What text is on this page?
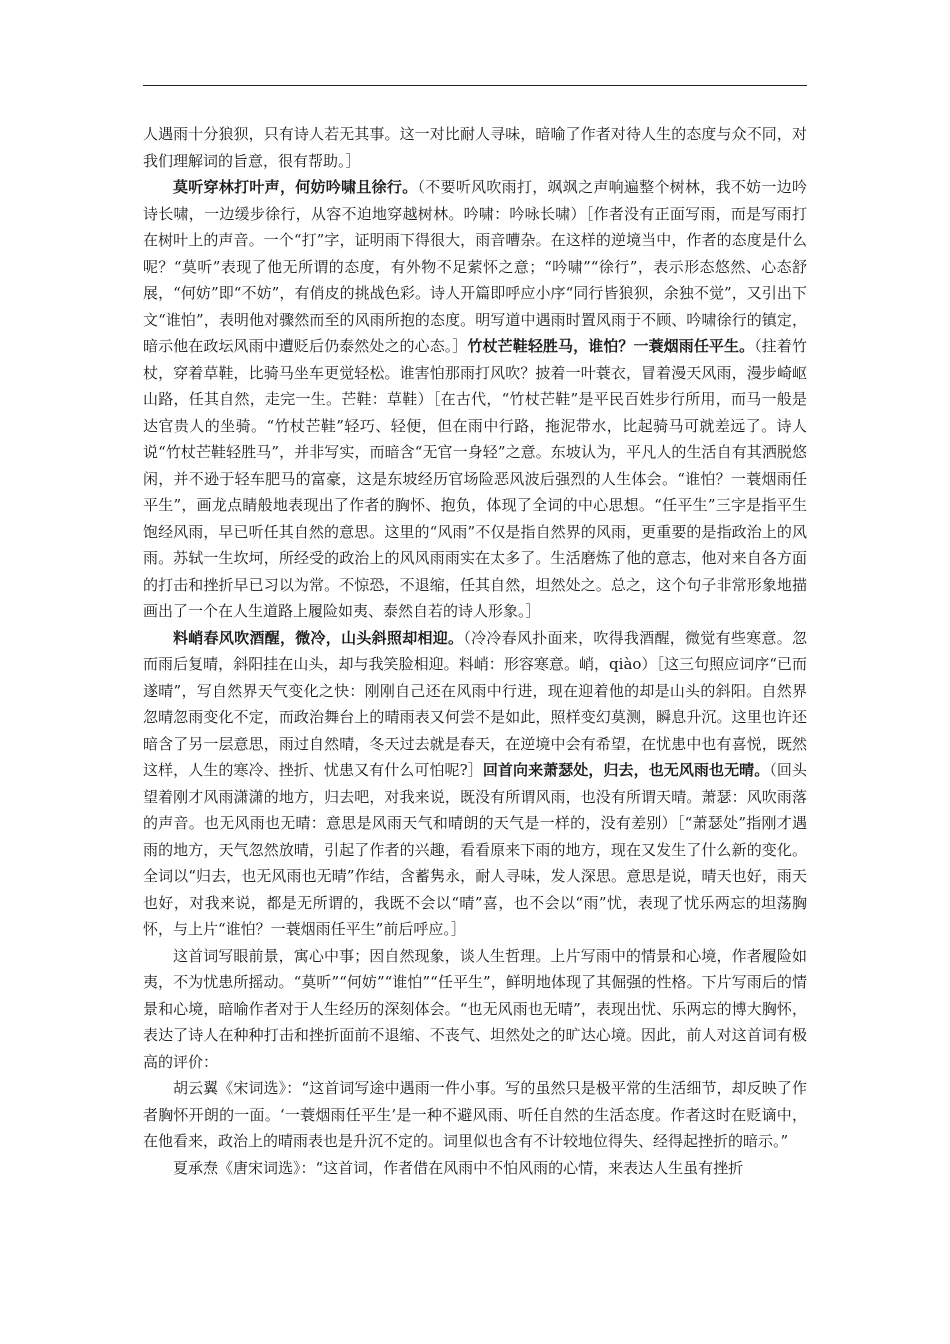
人遇雨十分狼狈，只有诗人若无其事。这一对比耐人寻味，暗喻了作者对待人生的态度与众不同，对我们理解词的旨意，很有帮助。］

莫听穿林打叶声，何妨吟啸且徐行。（不要听风吹雨打，飒飒之声响遍整个树林，我不妨一边吟诗长啸，一边缓步徐行，从容不迫地穿越树林。吟啸：吟咏长啸）［作者没有正面写雨，而是写雨打在树叶上的声音。一个“打”字，证明雨下得很大，雨音嘈杂。在这样的逆境当中，作者的态度是什么呢？“莫听”表现了他无所谓的态度，有外物不足萦怀之意；“吟啸”“徐行”，表示形态悠然、心态舒展，“何妨”即“不妨”，有俏皮的挑战色彩。诗人开篇即呼应小序“同行皆狼狈，余独不觉”，又引出下文“谁怕”，表明他对骤然而至的风雨所抱的态度。明写道中遇雨时置风雨于不顾、吟啸徐行的镇定，暗示他在政坛风雨中遭贬后仍泰然处之的心态。］竹杖芒鞋轻胜马，谁怕？一蓑烟雨任平生。（拄着竹杖，穿着草鞋，比骑马坐车更觉轻松。谁害怕那雨打风吹？披着一叶蓑衣，冒着漫天风雨，漫步崎岖山路，任其自然，走完一生。芒鞋：草鞋）［在古代，“竹杖芒鞋”是平民百姓步行所用，而马一般是达官贵人的坐骑。“竹杖芒鞋”轻巧、轻便，但在雨中行路，拖泥带水，比起骑马可就差远了。诗人说“竹杖芒鞋轻胜马”，并非写实，而暗含“无官一身轻”之意。东坡认为，平凡人的生活自有其洒脱悠闲，并不逊于轻车肥马的富豪，这是东坡经历官场险恶风波后强烈的人生体会。“谁怕？一蓑烟雨任平生”，画龙点睛般地表现出了作者的胸怀、抱负，体现了全词的中心思想。“任平生”三字是指平生饱经风雨，早已听任其自然的意思。这里的“风雨”不仅是指自然界的风雨，更重要的是指政治上的风雨。苏轼一生坎坷，所经受的政治上的风风雨雨实在太多了。生活磨炼了他的意志，他对来自各方面的打击和挫折早已习以为常。不惊恐，不退缩，任其自然，坦然处之。总之，这个句子非常形象地描画出了一个在人生道路上履险如夷、泰然自若的诗人形象。］

料峭春风吹酒醒，微冷，山头斜照却相迎。（冷冷春风扑面来，吹得我酒醒，微觉有些寒意。忽而雨后复晴，斜阳挂在山头，却与我笑脸相迎。料峭：形容寒意。峭，qiào）［这三句照应词序“已而遂晴”，写自然界天气变化之快：刚刚自己还在风雨中行进，现在迎着他的却是山头的斜阳。自然界忽晴忽雨变化不定，而政治舞台上的晴雨表又何尝不是如此，照样变幻莫测，瞬息升沉。这里也许还暗含了另一层意思，雨过自然晴，冬天过去就是春天，在逆境中会有希望，在忧患中也有喜悦，既然这样，人生的寒冷、挫折、忧患又有什么可怕呢?］回首向来萧瑟处，归去，也无风雨也无晴。（回头望着刚才风雨潇潇的地方，归去吧，对我来说，既没有所谓风雨，也没有所谓天晴。萧瑟：风吹雨落的声音。也无风雨也无晴：意思是风雨天气和晴朗的天气是一样的，没有差别）［“萧瑟处”指刚才遇雨的地方，天气忽然放晴，引起了作者的兴趣，看看原来下雨的地方，现在又发生了什么新的变化。全词以“归去，也无风雨也无晴”作结，含蓄隽永，耐人寻味，发人深思。意思是说，晴天也好，雨天也好，对我来说，都是无所谓的，我既不会以“晴”喜，也不会以“雨”忧，表现了忧乐两忘的坦荡胸怀，与上片“谁怕？一蓑烟雨任平生”前后呼应。］

这首词写眼前景，寓心中事；因自然现象，谈人生哲理。上片写雨中的情景和心境，作者履险如夷，不为忧患所摇动。“莫听”“何妨”“谁怕”“任平生”，鲜明地体现了其倔强的性格。下片写雨后的情景和心境，暗喻作者对于人生经历的深刻体会。“也无风雨也无晴”，表现出忧、乐两忘的博大胸怀，表达了诗人在种种打击和挫折面前不退缩、不丧气、坦然处之的旷达心境。因此，前人对这首词有极高的评价：

胡云翼《宋词选》：“这首词写途中遇雨一件小事。写的虽然只是极平常的生活细节，却反映了作者胸怀开朗的一面。‘一蓑烟雨任平生’是一种不避风雨、听任自然的生活态度。作者这时在贬谪中，在他看来，政治上的晴雨表也是升沉不定的。词里似也含有不计较地位得失、经得起挫折的暗示。”

夏承焘《唐宋词选》：“这首词，作者借在风雨中不怕风雨的心情，来表达人生虽有挫折
